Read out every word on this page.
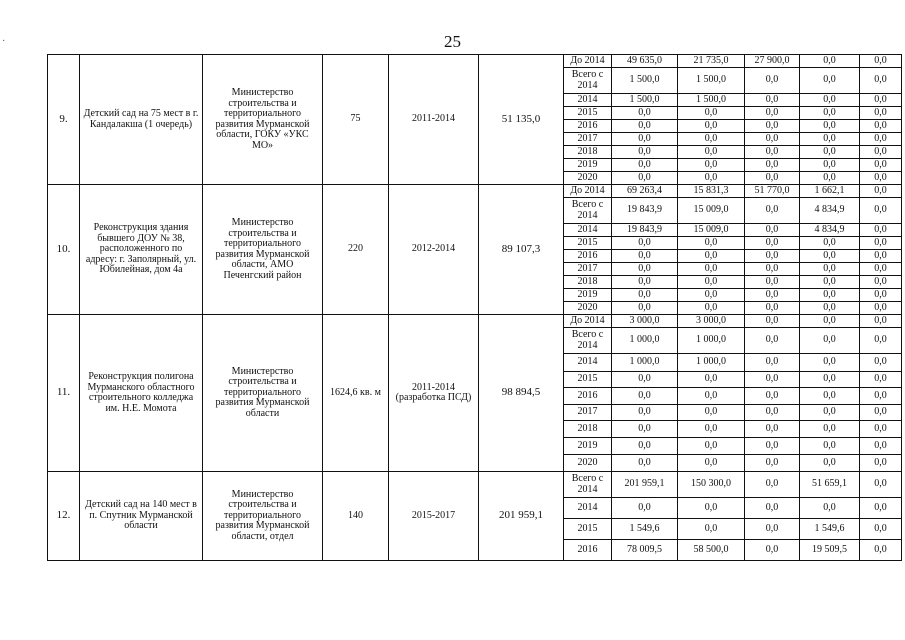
25
·
9.	Детский сад на 75 мест в г. Кандалакша (1 очередь)	Министерство строительства и территориального развития Мурманской области, ГОКУ «УКС МО»	75	2011-2014	51 135,0	До 2014	49 635,0	21 735,0	27 900,0	0,0	0,0
						Всего с 2014	1 500,0	1 500,0	0,0	0,0	0,0
						2014	1 500,0	1 500,0	0,0	0,0	0,0
						2015	0,0	0,0	0,0	0,0	0,0
						2016	0,0	0,0	0,0	0,0	0,0
						2017	0,0	0,0	0,0	0,0	0,0
						2018	0,0	0,0	0,0	0,0	0,0
						2019	0,0	0,0	0,0	0,0	0,0
						2020	0,0	0,0	0,0	0,0	0,0
10.	Реконструкция здания бывшего ДОУ № 38, расположенного по адресу: г. Заполярный, ул. Юбилейная, дом 4а	Министерство строительства и территориального развития Мурманской области, АМО Печенгский район	220	2012-2014	89 107,3	До 2014	69 263,4	15 831,3	51 770,0	1 662,1	0,0
						Всего с 2014	19 843,9	15 009,0	0,0	4 834,9	0,0
						2014	19 843,9	15 009,0	0,0	4 834,9	0,0
						2015	0,0	0,0	0,0	0,0	0,0
						2016	0,0	0,0	0,0	0,0	0,0
						2017	0,0	0,0	0,0	0,0	0,0
						2018	0,0	0,0	0,0	0,0	0,0
						2019	0,0	0,0	0,0	0,0	0,0
						2020	0,0	0,0	0,0	0,0	0,0
11.	Реконструкция полигона Мурманского областного строительного колледжа им. Н.Е. Момота	Министерство строительства и территориального развития Мурманской области	1624,6 кв. м	2011-2014 (разработка ПСД)	98 894,5	До 2014	3 000,0	3 000,0	0,0	0,0	0,0
						Всего с 2014	1 000,0	1 000,0	0,0	0,0	0,0
						2014	1 000,0	1 000,0	0,0	0,0	0,0
						2015	0,0	0,0	0,0	0,0	0,0
						2016	0,0	0,0	0,0	0,0	0,0
						2017	0,0	0,0	0,0	0,0	0,0
						2018	0,0	0,0	0,0	0,0	0,0
						2019	0,0	0,0	0,0	0,0	0,0
						2020	0,0	0,0	0,0	0,0	0,0
12.	Детский сад на 140 мест в п. Спутник Мурманской области	Министерство строительства и территориального развития Мурманской области, отдел	140	2015-2017	201 959,1	Всего с 2014	201 959,1	150 300,0	0,0	51 659,1	0,0
						2014	0,0	0,0	0,0	0,0	0,0
						2015	1 549,6	0,0	0,0	1 549,6	0,0
						2016	78 009,5	58 500,0	0,0	19 509,5	0,0
